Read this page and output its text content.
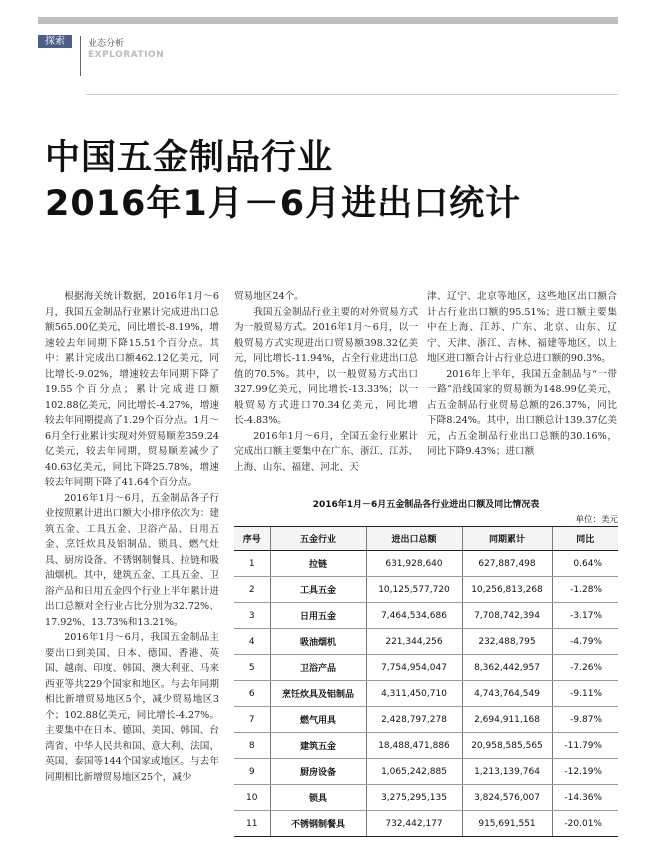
探索	业态分析
EXPLORATION
中国五金制品行业
2016年1月－6月进出口统计

根据海关统计数据，2016年1月～6月，我国五金制品行业累计完成进出口总额565.00亿美元，同比增长-8.19%，增速较去年同期下降15.51个百分点。其中：累计完成出口额462.12亿美元，同比增长-9.02%，增速较去年同期下降了19.55个百分点；累计完成进口额102.88亿美元，同比增长-4.27%，增速较去年同期提高了1.29个百分点。1月～6月全行业累计实现对外贸易顺差359.24亿美元，较去年同期，贸易顺差减少了40.63亿美元，同比下降25.78%，增速较去年同期下降了41.64个百分点。

2016年1月～6月，五金制品各子行业按照累计进出口额大小排序依次为：建筑五金、工具五金、卫浴产品、日用五金、烹饪炊具及铝制品、锁具、燃气灶具、厨房设备、不锈钢制餐具、拉链和吸油烟机。其中，建筑五金、工具五金、卫浴产品和日用五金四个行业上半年累计进出口总额对全行业占比分别为32.72%、17.92%、13.73%和13.21%。

2016年1月～6月，我国五金制品主要出口到美国、日本、德国、香港、英国、越南、印度、韩国、澳大利亚、马来西亚等共229个国家和地区。与去年同期相比新增贸易地区5个，减少贸易地区3个；102.88亿美元，同比增长-4.27%。主要集中在日本、德国、美国、韩国、台湾省、中华人民共和国、意大利、法国、英国、泰国等144个国家或地区。与去年同期相比新增贸易地区25个，减少

贸易地区24个。

我国五金制品行业主要的对外贸易方式为一般贸易方式。2016年1月～6月，以一般贸易方式实现进出口贸易额398.32亿美元，同比增长-11.94%，占全行业进出口总值的70.5%。其中，以一般贸易方式出口327.99亿美元，同比增长-13.33%；以一般贸易方式进口70.34亿美元，同比增长-4.83%。

2016年1月～6月，全国五金行业累计完成出口额主要集中在广东、浙江、江苏、上海、山东、福建、河北、天

津、辽宁、北京等地区，这些地区出口额合计占行业出口额的95.51%；进口额主要集中在上海、江苏、广东、北京、山东、辽宁、天津、浙江、吉林、福建等地区，以上地区进口额合计占行业总进口额的90.3%。

2016年上半年，我国五金制品与“一带一路”沿线国家的贸易额为148.99亿美元，占五金制品行业贸易总额的26.37%，同比下降8.24%。其中，出口额总计139.37亿美元，占五金制品行业出口总额的30.16%，同比下降9.43%；进口额

2016年1月－6月五金制品各行业进出口额及同比情况表
单位：美元
序号	五金行业	进出口总额	同期累计	同比
1	拉链	631,928,640	627,887,498	0.64%
2	工具五金	10,125,577,720	10,256,813,268	-1.28%
3	日用五金	7,464,534,686	7,708,742,394	-3.17%
4	吸油烟机	221,344,256	232,488,795	-4.79%
5	卫浴产品	7,754,954,047	8,362,442,957	-7.26%
6	烹饪炊具及铝制品	4,311,450,710	4,743,764,549	-9.11%
7	燃气用具	2,428,797,278	2,694,911,168	-9.87%
8	建筑五金	18,488,471,886	20,958,585,565	-11.79%
9	厨房设备	1,065,242,885	1,213,139,764	-12.19%
10	锁具	3,275,295,135	3,824,576,007	-14.36%
11	不锈钢制餐具	732,442,177	915,691,551	-20.01%
